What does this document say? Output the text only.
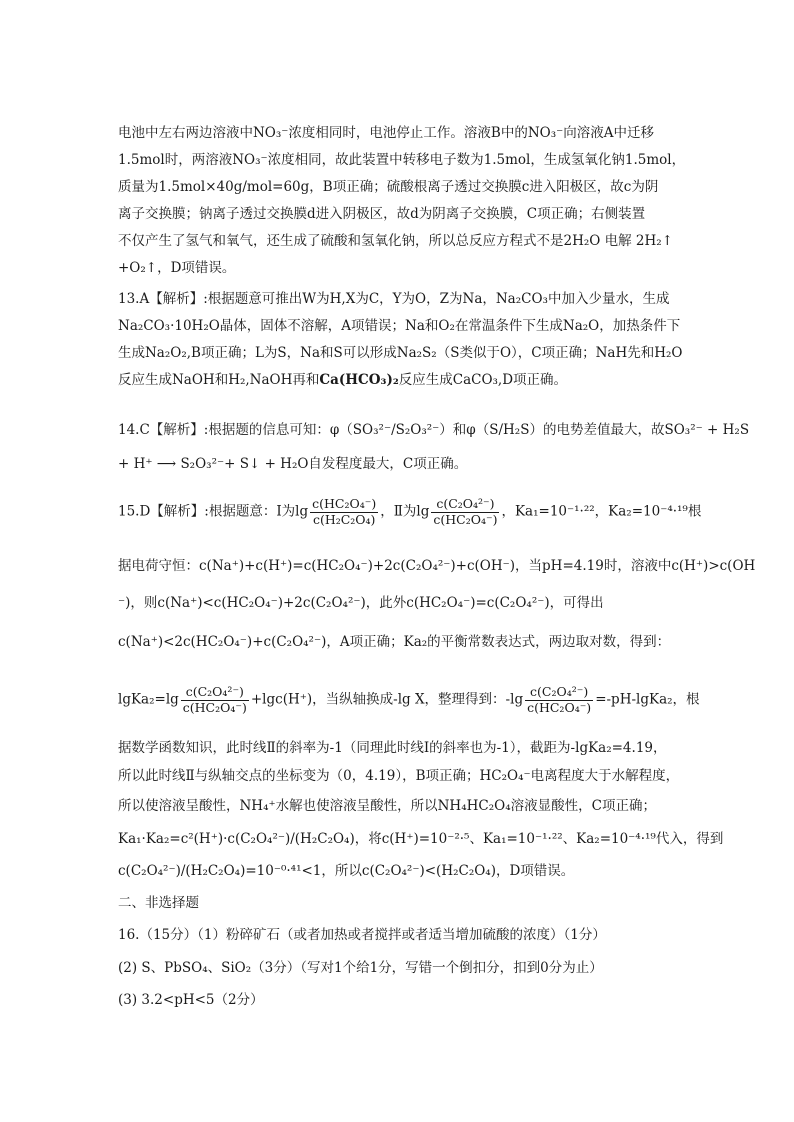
电池中左右两边溶液中NO₃⁻浓度相同时，电池停止工作。溶液B中的NO₃⁻向溶液A中迁移
1.5mol时，两溶液NO₃⁻浓度相同，故此装置中转移电子数为1.5mol，生成氢氧化钠1.5mol，
质量为1.5mol×40g/mol=60g，B项正确；硫酸根离子透过交换膜c进入阳极区，故c为阴
离子交换膜；钠离子透过交换膜d进入阴极区，故d为阴离子交换膜，C项正确；右侧装置
不仅产生了氢气和氧气，还生成了硫酸和氢氧化钠，所以总反应方程式不是2H₂O 电解 2H₂↑
+O₂↑，D项错误。
13.A【解析】:根据题意可推出W为H,X为C，Y为O，Z为Na，Na₂CO₃中加入少量水，生成
Na₂CO₃·10H₂O晶体，固体不溶解，A项错误；Na和O₂在常温条件下生成Na₂O，加热条件下
生成Na₂O₂,B项正确；L为S，Na和S可以形成Na₂S₂（S类似于O），C项正确；NaH先和H₂O
反应生成NaOH和H₂,NaOH再和Ca(HCO₃)₂反应生成CaCO₃,D项正确。
14.C【解析】:根据题的信息可知：φ（SO₃²⁻/S₂O₃²⁻）和φ（S/H₂S）的电势差值最大，故SO₃²⁻ + H₂S
+ H⁺ ⟶ S₂O₃²⁻+ S↓ + H₂O自发程度最大，C项正确。
15.D【解析】:根据题意：Ⅰ为$\lg \frac{\text{c(HC₂O₄⁻)}}{\text{c(H₂C₂O₄)}}$ ，Ⅱ为$\lg \frac{\text{c(C₂O₄²⁻)}}{\text{c(HC₂O₄⁻)}}$ ，Ka₁=10⁻¹·²²，Ka₂=10⁻⁴·¹⁹根
据电荷守恒：c(Na⁺)+c(H⁺)=c(HC₂O₄⁻)+2c(C₂O₄²⁻)+c(OH⁻)，当pH=4.19时，溶液中c(H⁺)>c(OH
⁻)，则c(Na⁺)<c(HC₂O₄⁻)+2c(C₂O₄²⁻)，此外c(HC₂O₄⁻)=c(C₂O₄²⁻)，可得出
c(Na⁺)<2c(HC₂O₄⁻)+c(C₂O₄²⁻)，A项正确；Ka₂的平衡常数表达式，两边取对数，得到：
lgKa₂=lg $\frac{\text{c(C₂O₄²⁻)}}{\text{c(HC₂O₄⁻)}} +\lg c(H^+)$，当纵轴换成-lg X，整理得到：$-\lg \frac{\text{c(C₂O₄²⁻)}}{\text{c(HC₂O₄⁻)}}$ =-pH-lgKa₂，根
据数学函数知识，此时线Ⅱ的斜率为-1（同理此时线Ⅰ的斜率也为-1），截距为-lgKa₂=4.19，
所以此时线Ⅱ与纵轴交点的坐标变为（0，4.19），B项正确；HC₂O₄⁻电离程度大于水解程度，
所以使溶液呈酸性，NH₄⁺水解也使溶液呈酸性，所以NH₄HC₂O₄溶液显酸性，C项正确；
Ka₁·Ka₂=c²(H⁺)·c(C₂O₄²⁻)/(H₂C₂O₄)，将c(H⁺)=10⁻²·⁵、Ka₁=10⁻¹·²²、Ka₂=10⁻⁴·¹⁹代入，得到
c(C₂O₄²⁻)/(H₂C₂O₄)=10⁻⁰·⁴¹<1，所以c(C₂O₄²⁻)<(H₂C₂O₄)，D项错误。
二、非选择题
16.（15分）（1）粉碎矿石（或者加热或者搅拌或者适当增加硫酸的浓度）（1分）
(2) S、PbSO₄、SiO₂（3分）（写对1个给1分，写错一个倒扣分，扣到0分为止）
(3) 3.2<pH<5（2分）
